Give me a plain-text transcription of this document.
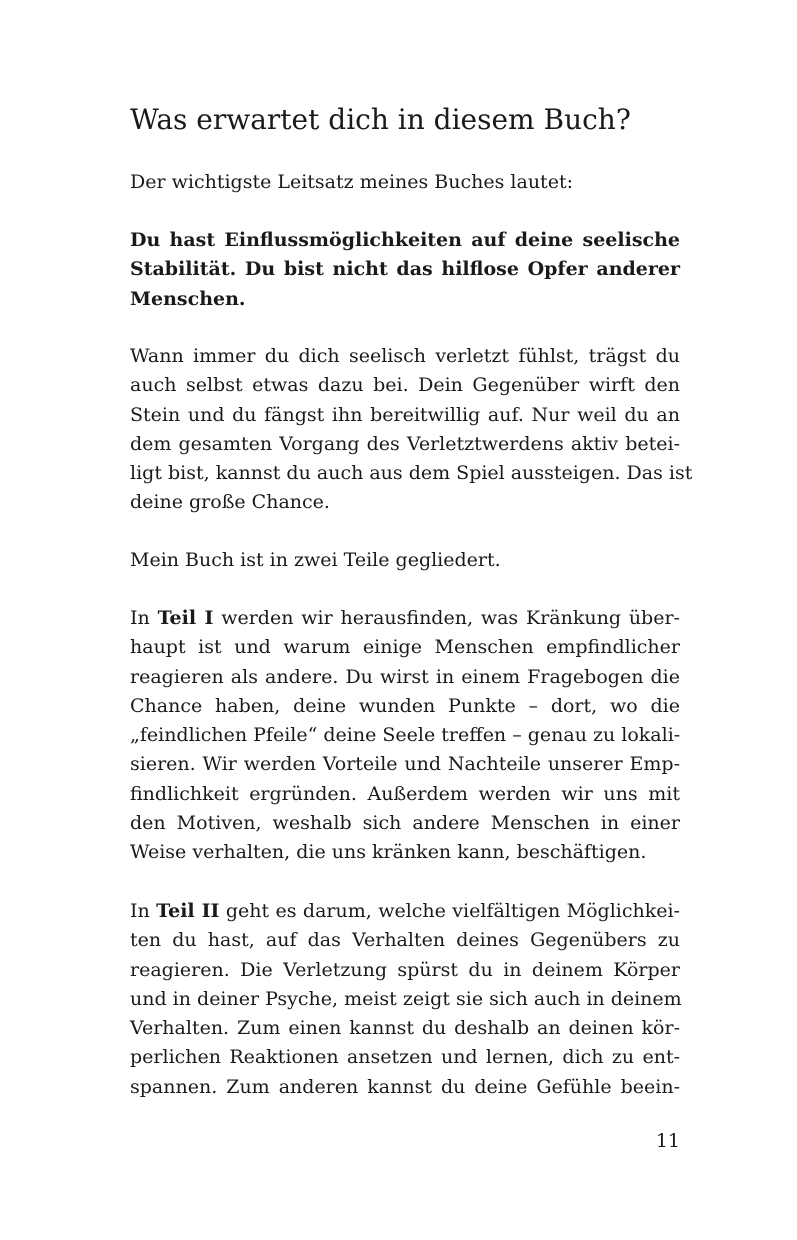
Was erwartet dich in diesem Buch?

Der wichtigste Leitsatz meines Buches lautet:

Du hast Einflussmöglichkeiten auf deine seelische
Stabilität. Du bist nicht das hilflose Opfer anderer
Menschen.

Wann immer du dich seelisch verletzt fühlst, trägst du
auch selbst etwas dazu bei. Dein Gegenüber wirft den
Stein und du fängst ihn bereitwillig auf. Nur weil du an
dem gesamten Vorgang des Verletztwerdens aktiv betei-
ligt bist, kannst du auch aus dem Spiel aussteigen. Das ist
deine große Chance.

Mein Buch ist in zwei Teile gegliedert.

In Teil I werden wir herausfinden, was Kränkung über-
haupt ist und warum einige Menschen empfindlicher
reagieren als andere. Du wirst in einem Fragebogen die
Chance haben, deine wunden Punkte – dort, wo die
„feindlichen Pfeile“ deine Seele treffen – genau zu lokali-
sieren. Wir werden Vorteile und Nachteile unserer Emp-
findlichkeit ergründen. Außerdem werden wir uns mit
den Motiven, weshalb sich andere Menschen in einer
Weise verhalten, die uns kränken kann, beschäftigen.

In Teil II geht es darum, welche vielfältigen Möglichkei-
ten du hast, auf das Verhalten deines Gegenübers zu
reagieren. Die Verletzung spürst du in deinem Körper
und in deiner Psyche, meist zeigt sie sich auch in deinem
Verhalten. Zum einen kannst du deshalb an deinen kör-
perlichen Reaktionen ansetzen und lernen, dich zu ent-
spannen. Zum anderen kannst du deine Gefühle beein-

11
